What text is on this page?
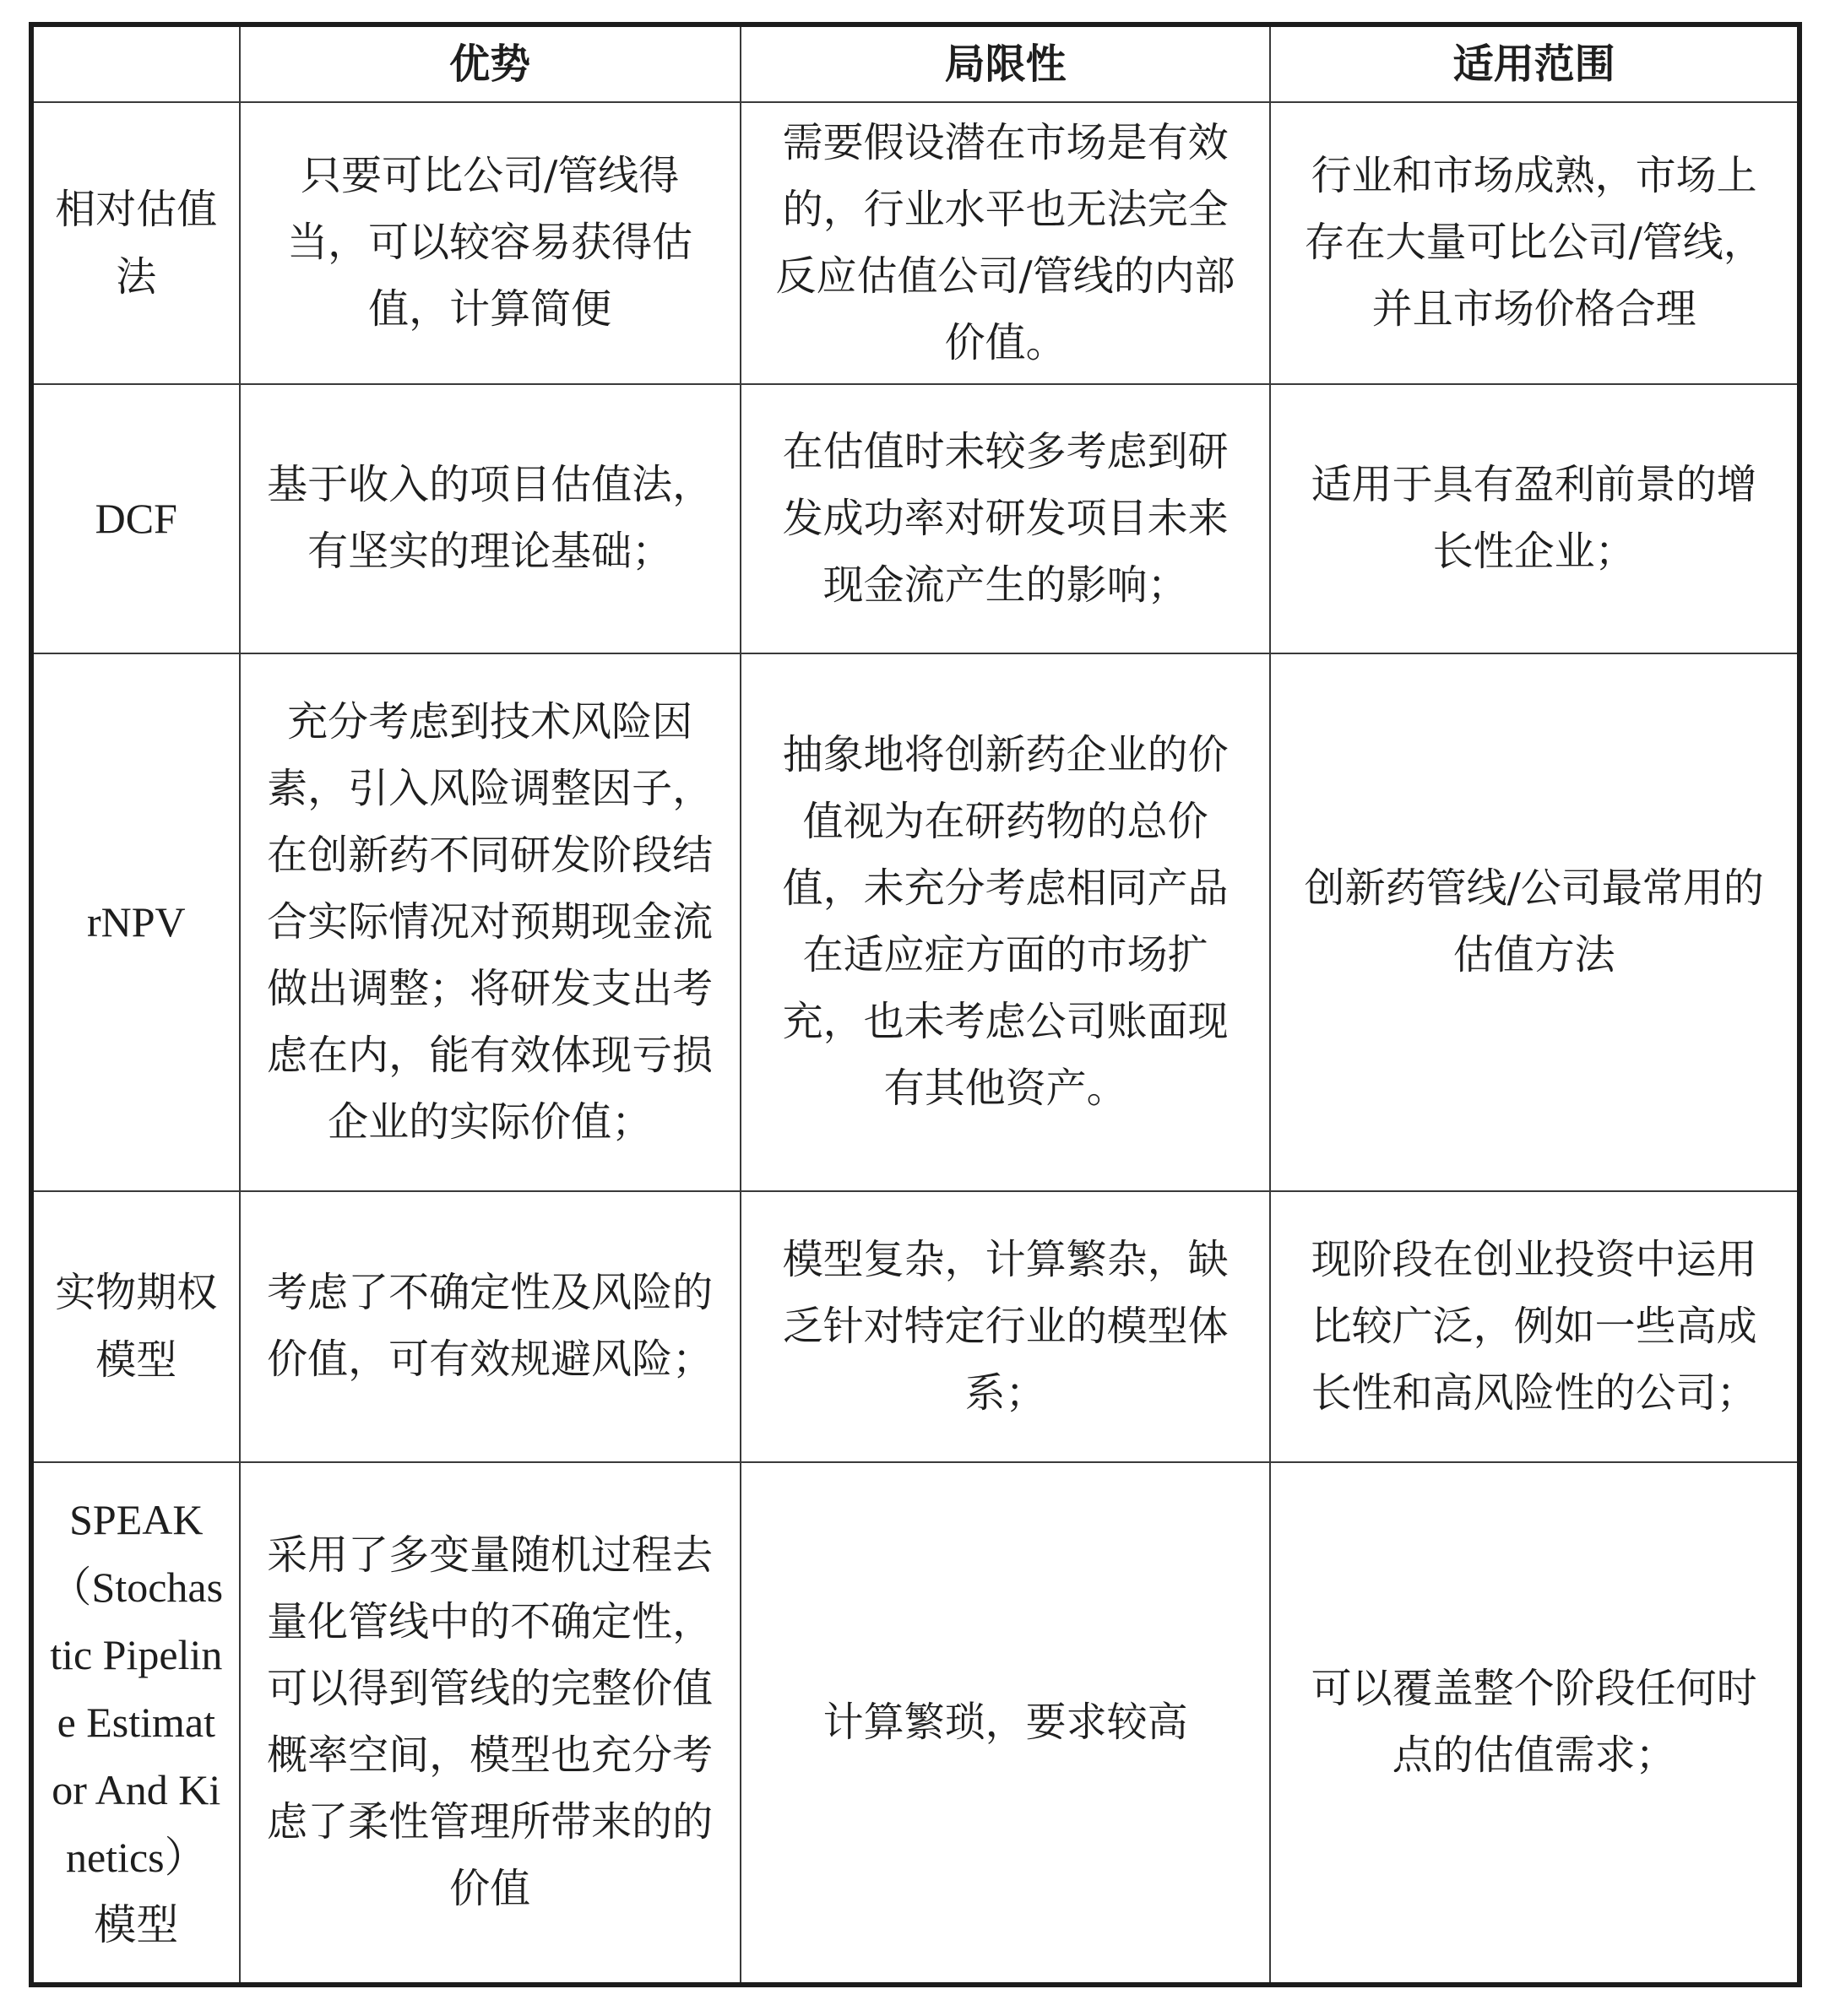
	优势	局限性	适用范围
相对估值法	只要可比公司/管线得当，可以较容易获得估值，计算简便	需要假设潜在市场是有效的，行业水平也无法完全反应估值公司/管线的内部价值。	行业和市场成熟，市场上存在大量可比公司/管线，并且市场价格合理
DCF	基于收入的项目估值法，有坚实的理论基础；	在估值时未较多考虑到研发成功率对研发项目未来现金流产生的影响；	适用于具有盈利前景的增长性企业；
rNPV	充分考虑到技术风险因素，引入风险调整因子，在创新药不同研发阶段结合实际情况对预期现金流做出调整；将研发支出考虑在内，能有效体现亏损企业的实际价值；	抽象地将创新药企业的价值视为在研药物的总价值，未充分考虑相同产品在适应症方面的市场扩充，也未考虑公司账面现有其他资产。	创新药管线/公司最常用的估值方法
实物期权模型	考虑了不确定性及风险的价值，可有效规避风险；	模型复杂，计算繁杂，缺乏针对特定行业的模型体系；	现阶段在创业投资中运用比较广泛，例如一些高成长性和高风险性的公司；
SPEAK（Stochastic Pipeline Estimator And Kinetics）模型	采用了多变量随机过程去量化管线中的不确定性，可以得到管线的完整价值概率空间，模型也充分考虑了柔性管理所带来的的价值	计算繁琐，要求较高	可以覆盖整个阶段任何时点的估值需求；
